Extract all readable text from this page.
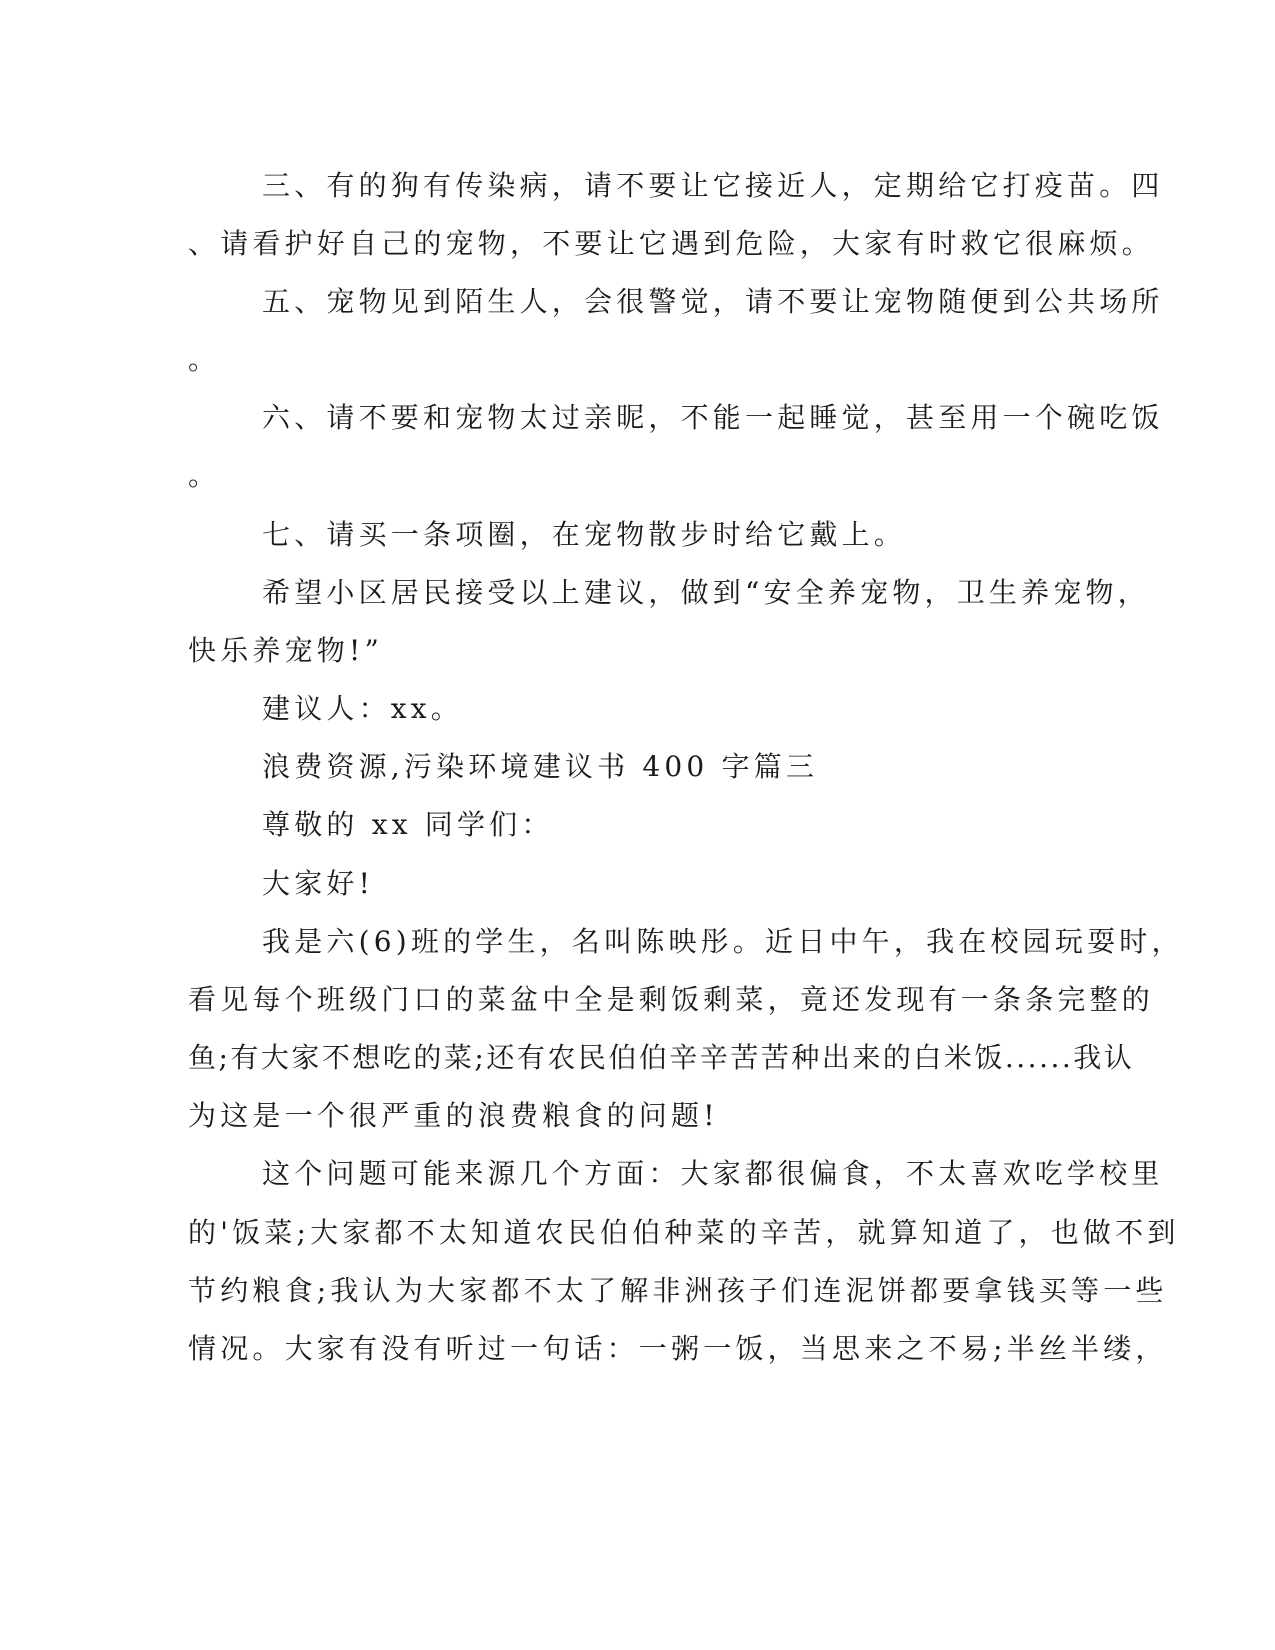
三、有的狗有传染病，请不要让它接近人，定期给它打疫苗。四
、请看护好自己的宠物，不要让它遇到危险，大家有时救它很麻烦。
五、宠物见到陌生人，会很警觉，请不要让宠物随便到公共场所
。
六、请不要和宠物太过亲昵，不能一起睡觉，甚至用一个碗吃饭
。
七、请买一条项圈，在宠物散步时给它戴上。
希望小区居民接受以上建议，做到“安全养宠物，卫生养宠物，
快乐养宠物!”
建议人：xx。
浪费资源,污染环境建议书 400 字篇三
尊敬的 xx 同学们：
大家好!
我是六(6)班的学生，名叫陈映彤。近日中午，我在校园玩耍时，
看见每个班级门口的菜盆中全是剩饭剩菜，竟还发现有一条条完整的
鱼;有大家不想吃的菜;还有农民伯伯辛辛苦苦种出来的白米饭......我认
为这是一个很严重的浪费粮食的问题!
这个问题可能来源几个方面：大家都很偏食，不太喜欢吃学校里
的'饭菜;大家都不太知道农民伯伯种菜的辛苦，就算知道了，也做不到
节约粮食;我认为大家都不太了解非洲孩子们连泥饼都要拿钱买等一些
情况。大家有没有听过一句话：一粥一饭，当思来之不易;半丝半缕，
